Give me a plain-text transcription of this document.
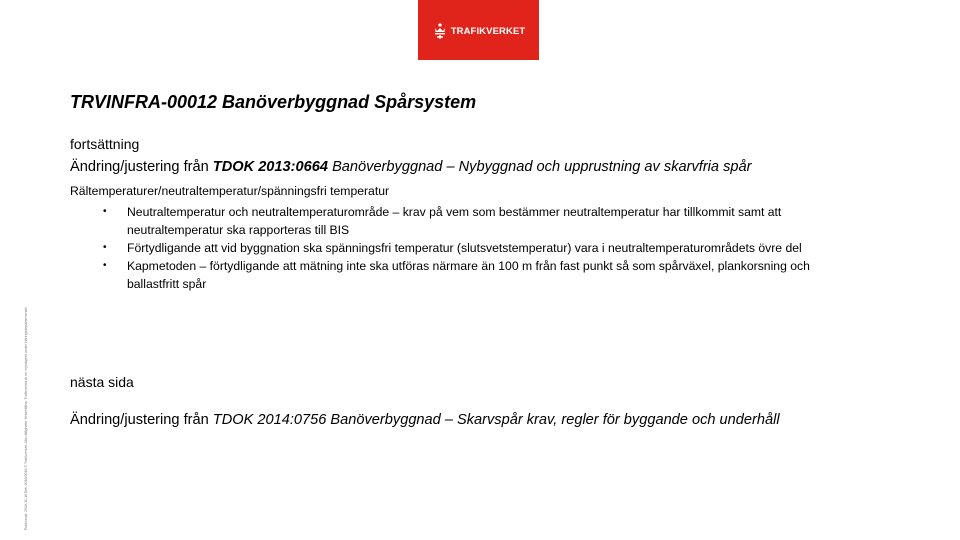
TRAFIKVERKET
Publicerat: 2016-11-10 Bet: 2016/2016 © Trafikverket. Alla rättigheter förbehållna. Trafikverket är en myndighet under Näringsdepartementet.
TRVINFRA-00012 Banöverbyggnad Spårsystem
fortsättning
Ändring/justering från TDOK 2013:0664 Banöverbyggnad – Nybyggnad och upprustning av skarvfria spår
Rältemperaturer/neutraltemperatur/spänningsfri temperatur
• Neutraltemperatur och neutraltemperaturområde – krav på vem som bestämmer neutraltemperatur har tillkommit samt att neutraltemperatur ska rapporteras till BIS
• Förtydligande att vid byggnation ska spänningsfri temperatur (slutsvetstemperatur) vara i neutraltemperaturområdets övre del
• Kapmetoden – förtydligande att mätning inte ska utföras närmare än 100 m från fast punkt så som spårväxel, plankorsning och ballastfritt spår
nästa sida
Ändring/justering från TDOK 2014:0756 Banöverbyggnad – Skarvspår krav, regler för byggande och underhåll
